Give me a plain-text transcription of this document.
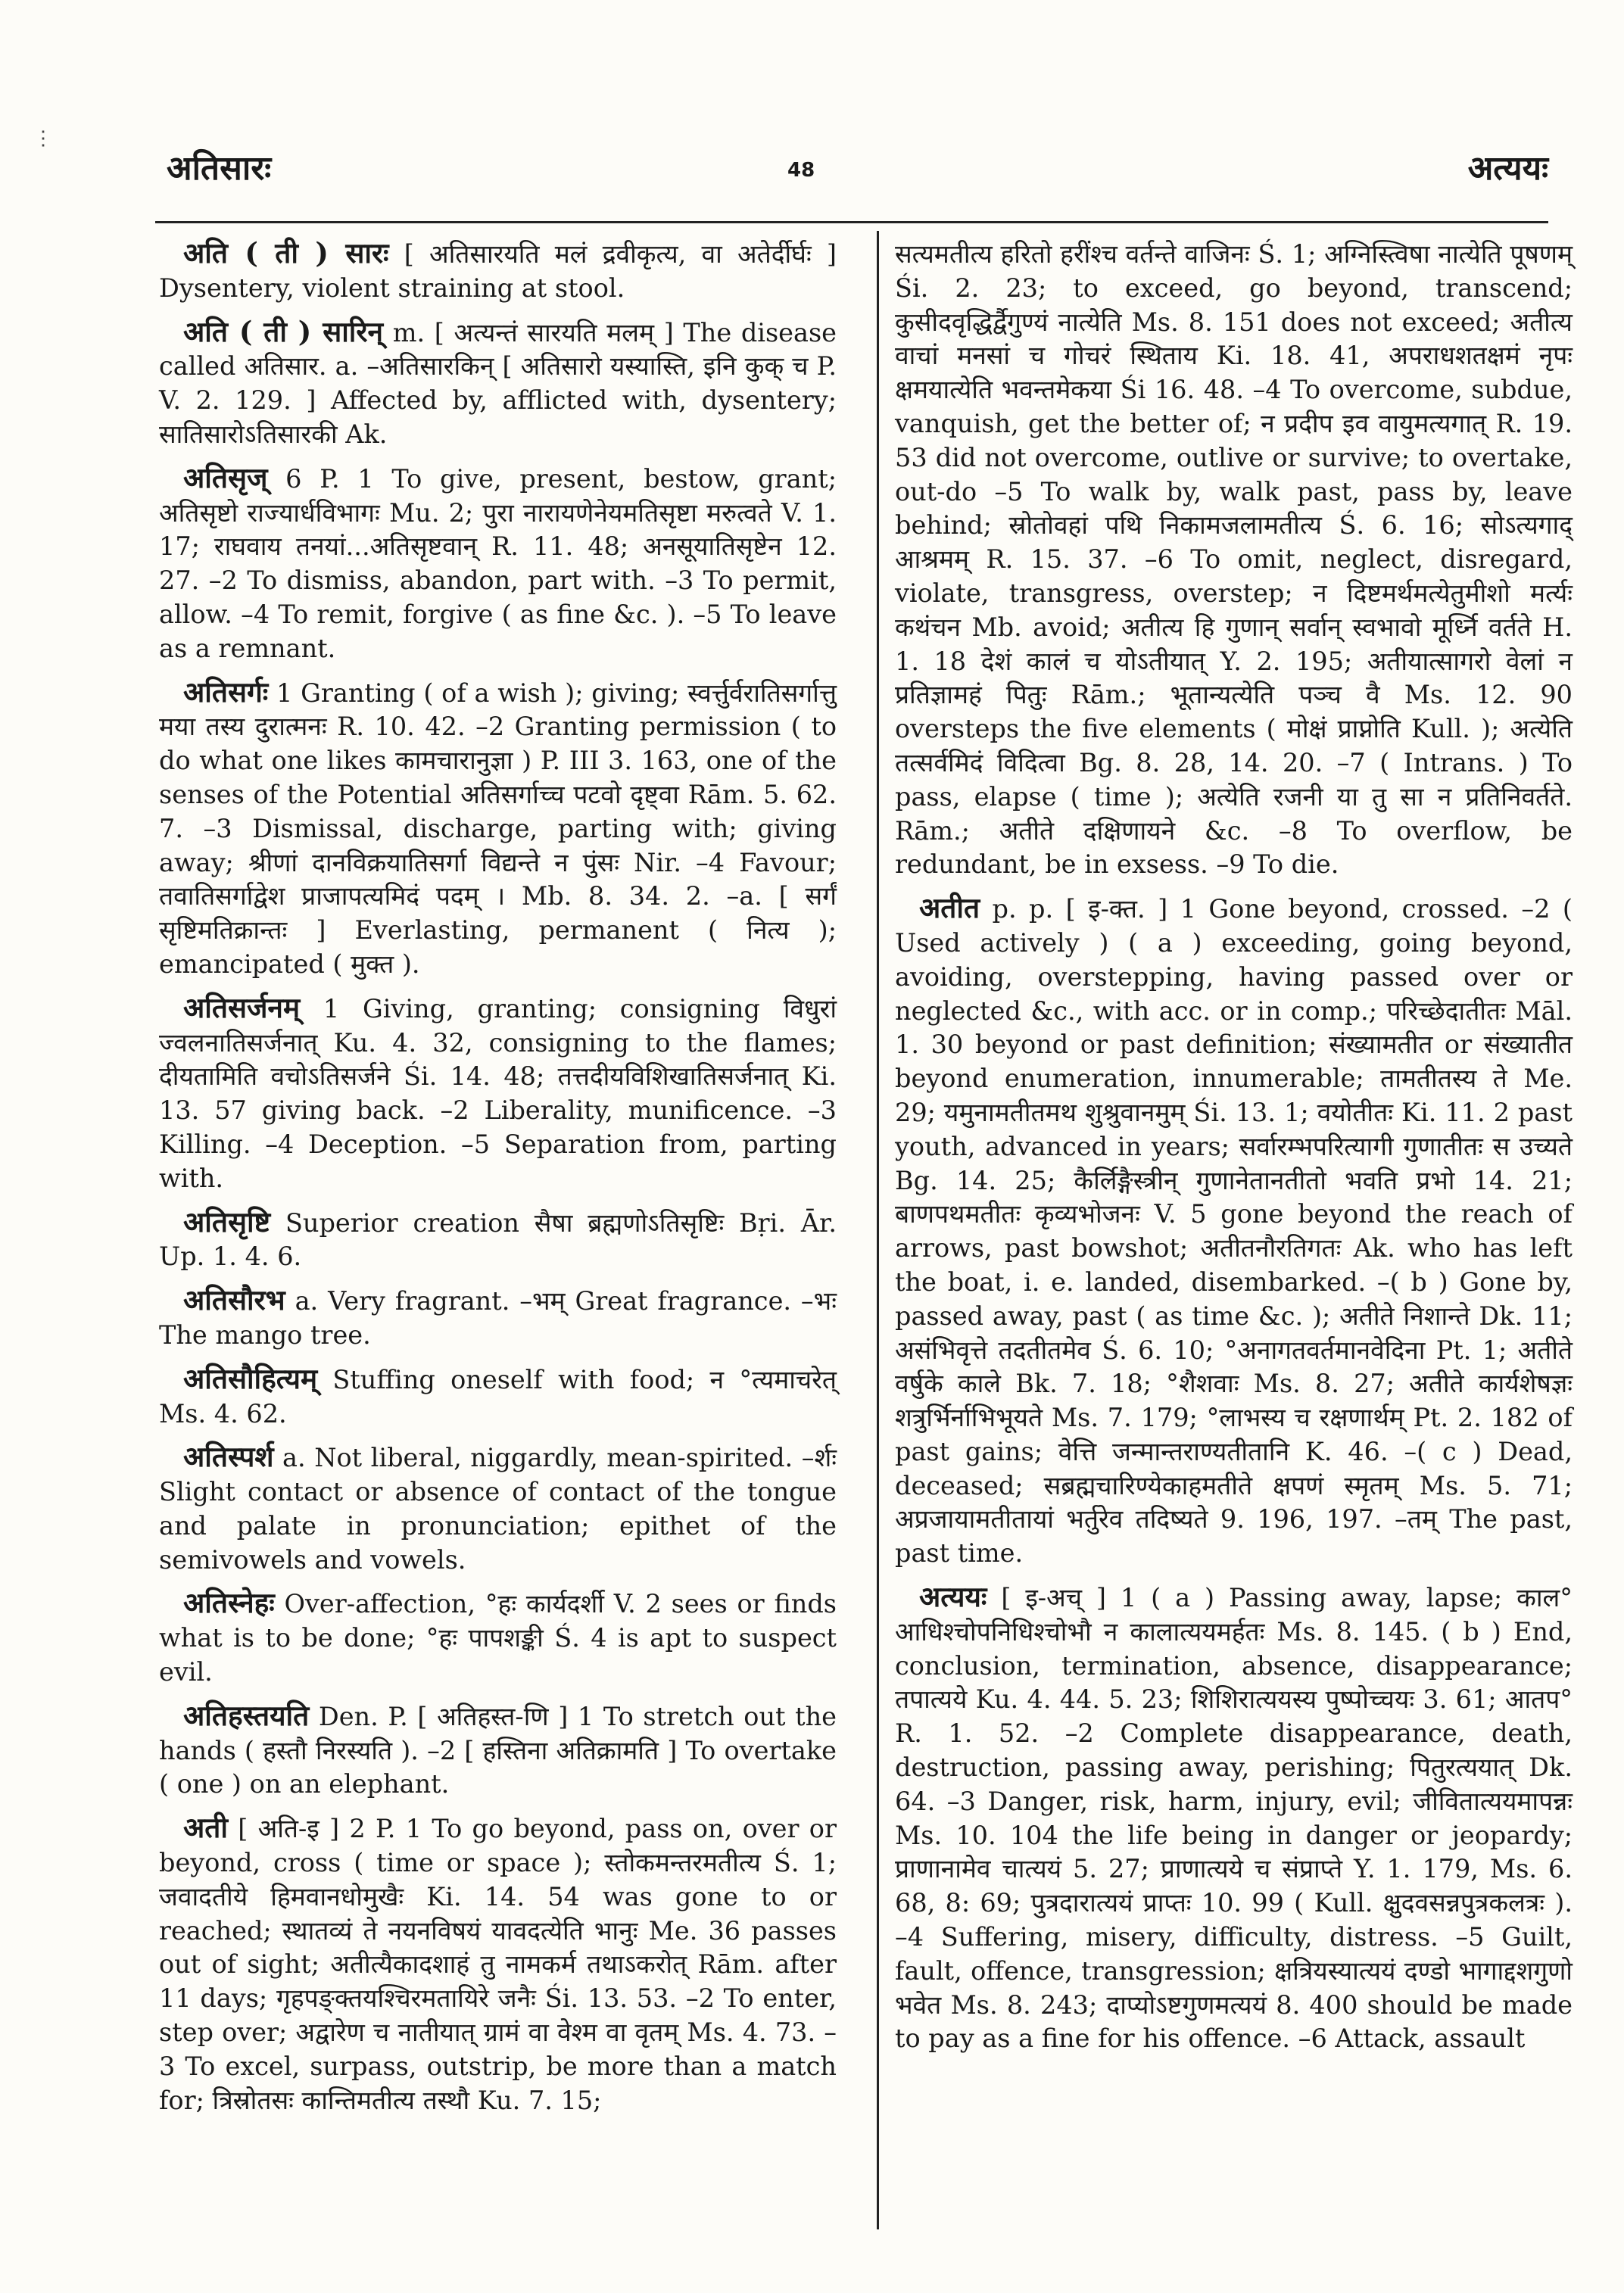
⋮
अतिसारः	48	अत्ययः

अति ( ती ) सारः [ अतिसारयति मलं द्रवीकृत्य, वा अतेर्दीर्घः ] Dysentery, violent straining at stool.

अति ( ती ) सारिन् m. [ अत्यन्तं सारयति मलम् ] The disease called अतिसार. a. –अतिसारकिन् [ अतिसारो यस्यास्ति, इनि कुक् च P. V. 2. 129. ] Affected by, afflicted with, dysentery; सातिसारोऽतिसारकी Ak.

अतिसृज् 6 P. 1 To give, present, bestow, grant; अतिसृष्टो राज्यार्धविभागः Mu. 2; पुरा नारायणेनेयमतिसृष्टा मरुत्वते V. 1. 17; राघवाय तनयां...अतिसृष्टवान् R. 11. 48; अनसूयातिसृष्टेन 12. 27. –2 To dismiss, abandon, part with. –3 To permit, allow. –4 To remit, forgive ( as fine &c. ). –5 To leave as a remnant.

अतिसर्गः 1 Granting ( of a wish ); giving; स्वर्त्तुर्वरातिसर्गात्तु मया तस्य दुरात्मनः R. 10. 42. –2 Granting permission ( to do what one likes कामचारानुज्ञा ) P. III 3. 163, one of the senses of the Potential अतिसर्गाच्च पटवो दृष्ट्वा Rām. 5. 62. 7. –3 Dismissal, discharge, parting with; giving away; श्रीणां दानविक्रयातिसर्गा विद्यन्ते न पुंसः Nir. –4 Favour; तवातिसर्गाद्वेश प्राजापत्यमिदं पदम् । Mb. 8. 34. 2. –a. [ सर्गं सृष्टिमतिक्रान्तः ] Everlasting, permanent ( नित्य ); emancipated ( मुक्त ).

अतिसर्जनम् 1 Giving, granting; consigning विधुरां ज्वलनातिसर्जनात् Ku. 4. 32, consigning to the flames; दीयतामिति वचोऽतिसर्जने Śi. 14. 48; तत्तदीयविशिखातिसर्जनात् Ki. 13. 57 giving back. –2 Liberality, munificence. –3 Killing. –4 Deception. –5 Separation from, parting with.

अतिसृष्टि Superior creation सैषा ब्रह्मणोऽतिसृष्टिः Bṛi. Ār. Up. 1. 4. 6.

अतिसौरभ a. Very fragrant. –भम् Great fragrance. –भः The mango tree.

अतिसौहित्यम् Stuffing oneself with food; न °त्यमाचरेत् Ms. 4. 62.

अतिस्पर्श a. Not liberal, niggardly, mean-spirited. –र्शः Slight contact or absence of contact of the tongue and palate in pronunciation; epithet of the semivowels and vowels.

अतिस्नेहः Over-affection, °हः कार्यदर्शी V. 2 sees or finds what is to be done; °हः पापशङ्की Ś. 4 is apt to suspect evil.

अतिहस्तयति Den. P. [ अतिहस्त-णि ] 1 To stretch out the hands ( हस्तौ निरस्यति ). –2 [ हस्तिना अतिक्रामति ] To overtake ( one ) on an elephant.

अती [ अति-इ ] 2 P. 1 To go beyond, pass on, over or beyond, cross ( time or space ); स्तोकमन्तरमतीत्य Ś. 1; जवादतीये हिमवानधोमुखैः Ki. 14. 54 was gone to or reached; स्थातव्यं ते नयनविषयं यावदत्येति भानुः Me. 36 passes out of sight; अतीत्यैकादशाहं तु नामकर्म तथाऽकरोत् Rām. after 11 days; गृहपङ्क्तयश्चिरमतायिरे जनैः Śi. 13. 53. –2 To enter, step over; अद्वारेण च नातीयात् ग्रामं वा वेश्म वा वृतम् Ms. 4. 73. –3 To excel, surpass, outstrip, be more than a match for; त्रिस्रोतसः कान्तिमतीत्य तस्थौ Ku. 7. 15;

सत्यमतीत्य हरितो हरींश्च वर्तन्ते वाजिनः Ś. 1; अग्निस्त्विषा नात्येति पूषणम् Śi. 2. 23; to exceed, go beyond, transcend; कुसीदवृद्धिर्द्वैगुण्यं नात्येति Ms. 8. 151 does not exceed; अतीत्य वाचां मनसां च गोचरं स्थिताय Ki. 18. 41, अपराधशतक्षमं नृपः क्षमयात्येति भवन्तमेकया Śi 16. 48. –4 To overcome, subdue, vanquish, get the better of; न प्रदीप इव वायुमत्यगात् R. 19. 53 did not overcome, outlive or survive; to overtake, out-do –5 To walk by, walk past, pass by, leave behind; स्रोतोवहां पथि निकामजलामतीत्य Ś. 6. 16; सोऽत्यगाद् आश्रमम् R. 15. 37. –6 To omit, neglect, disregard, violate, transgress, overstep; न दिष्टमर्थमत्येतुमीशो मर्त्यः कथंचन Mb. avoid; अतीत्य हि गुणान् सर्वान् स्वभावो मूर्ध्नि वर्तते H. 1. 18 देशं कालं च योऽतीयात् Y. 2. 195; अतीयात्सागरो वेलां न प्रतिज्ञामहं पितुः Rām.; भूतान्यत्येति पञ्च वै Ms. 12. 90 oversteps the five elements ( मोक्षं प्राप्नोति Kull. ); अत्येति तत्सर्वमिदं विदित्वा Bg. 8. 28, 14. 20. –7 ( Intrans. ) To pass, elapse ( time ); अत्येति रजनी या तु सा न प्रतिनिवर्तते. Rām.; अतीते दक्षिणायने &c. –8 To overflow, be redundant, be in exsess. –9 To die.

अतीत p. p. [ इ-क्त. ] 1 Gone beyond, crossed. –2 ( Used actively ) ( a ) exceeding, going beyond, avoiding, overstepping, having passed over or neglected &c., with acc. or in comp.; परिच्छेदातीतः Māl. 1. 30 beyond or past definition; संख्यामतीत or संख्यातीत beyond enumeration, innumerable; तामतीतस्य ते Me. 29; यमुनामतीतमथ शुश्रुवानमुम् Śi. 13. 1; वयोतीतः Ki. 11. 2 past youth, advanced in years; सर्वारम्भपरित्यागी गुणातीतः स उच्यते Bg. 14. 25; कैर्लिङ्गैस्त्रीन् गुणानेतानतीतो भवति प्रभो 14. 21; बाणपथमतीतः कृव्यभोजनः V. 5 gone beyond the reach of arrows, past bowshot; अतीतनौरतिगतः Ak. who has left the boat, i. e. landed, disembarked. –( b ) Gone by, passed away, past ( as time &c. ); अतीते निशान्ते Dk. 11; असंभिवृत्ते तदतीतमेव Ś. 6. 10; °अनागतवर्तमानवेदिना Pt. 1; अतीते वर्षुके काले Bk. 7. 18; °शैशवाः Ms. 8. 27; अतीते कार्यशेषज्ञः शत्रुर्भिर्नाभिभूयते Ms. 7. 179; °लाभस्य च रक्षणार्थम् Pt. 2. 182 of past gains; वेत्ति जन्मान्तराण्यतीतानि K. 46. –( c ) Dead, deceased; सब्रह्मचारिण्येकाहमतीते क्षपणं स्मृतम् Ms. 5. 71; अप्रजायामतीतायां भर्तुरेव तदिष्यते 9. 196, 197. –तम् The past, past time.

अत्ययः [ इ-अच् ] 1 ( a ) Passing away, lapse; काल° आधिश्चोपनिधिश्चोभौ न कालात्ययमर्हतः Ms. 8. 145. ( b ) End, conclusion, termination, absence, disappearance; तपात्यये Ku. 4. 44. 5. 23; शिशिरात्ययस्य पुष्पोच्चयः 3. 61; आतप° R. 1. 52. –2 Complete disappearance, death, destruction, passing away, perishing; पितुरत्ययात् Dk. 64. –3 Danger, risk, harm, injury, evil; जीवितात्ययमापन्नः Ms. 10. 104 the life being in danger or jeopardy; प्राणानामेव चात्ययं 5. 27; प्राणात्यये च संप्राप्ते Y. 1. 179, Ms. 6. 68, 8: 69; पुत्रदारात्ययं प्राप्तः 10. 99 ( Kull. क्षुदवसन्नपुत्रकलत्रः ). –4 Suffering, misery, difficulty, distress. –5 Guilt, fault, offence, transgression; क्षत्रियस्यात्ययं दण्डो भागाद्दशगुणो भवेत Ms. 8. 243; दाप्योऽष्टगुणमत्ययं 8. 400 should be made to pay as a fine for his offence. –6 Attack, assault
